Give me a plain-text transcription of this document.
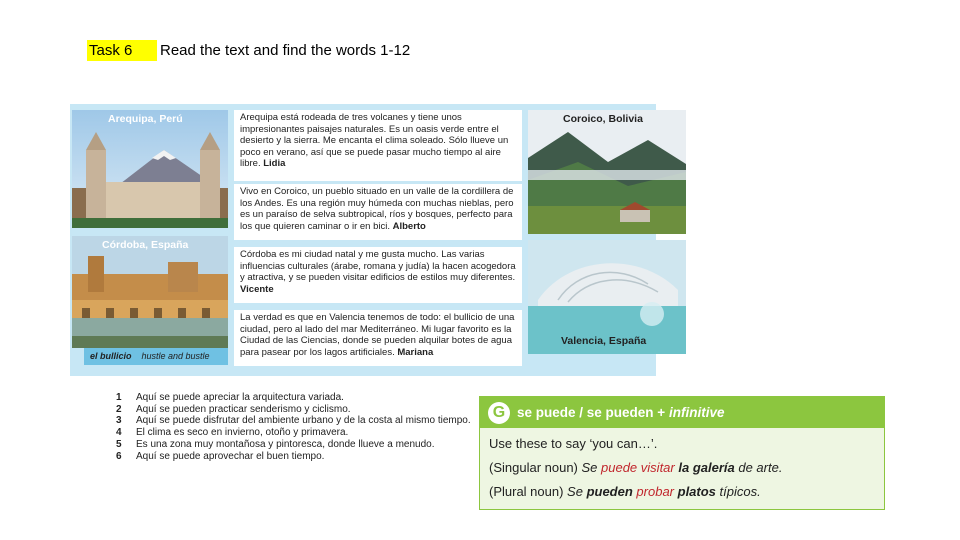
Task 6	Read the text and find the words 1-12
Arequipa, Perú
Córdoba, España
Coroico, Bolivia
Valencia, España
Arequipa está rodeada de tres volcanes y tiene unos impresionantes paisajes naturales. Es un oasis verde entre el desierto y la sierra. Me encanta el clima soleado. Sólo llueve un poco en verano, así que se puede pasar mucho tiempo al aire libre. Lidia
Vivo en Coroico, un pueblo situado en un valle de la cordillera de los Andes. Es una región muy húmeda con muchas nieblas, pero es un paraíso de selva subtropical, ríos y bosques, perfecto para los que quieren caminar o ir en bici. Alberto
Córdoba es mi ciudad natal y me gusta mucho. Las varias influencias culturales (árabe, romana y judía) la hacen acogedora y atractiva, y se pueden visitar edificios de estilos muy diferentes. Vicente
La verdad es que en Valencia tenemos de todo: el bullicio de una ciudad, pero al lado del mar Mediterráneo. Mi lugar favorito es la Ciudad de las Ciencias, donde se pueden alquilar botes de agua para pasear por los lagos artificiales. Mariana
el bullicio hustle and bustle
1	Aquí se puede apreciar la arquitectura variada.
2	Aquí se pueden practicar senderismo y ciclismo.
3	Aquí se puede disfrutar del ambiente urbano y de la costa al mismo tiempo.
4	El clima es seco en invierno, otoño y primavera.
5	Es una zona muy montañosa y pintoresca, donde llueve a menudo.
6	Aquí se puede aprovechar el buen tiempo.
G se puede / se pueden + infinitive
Use these to say ‘you can…’.
(Singular noun) Se puede visitar la galería de arte.
(Plural noun) Se pueden probar platos típicos.
